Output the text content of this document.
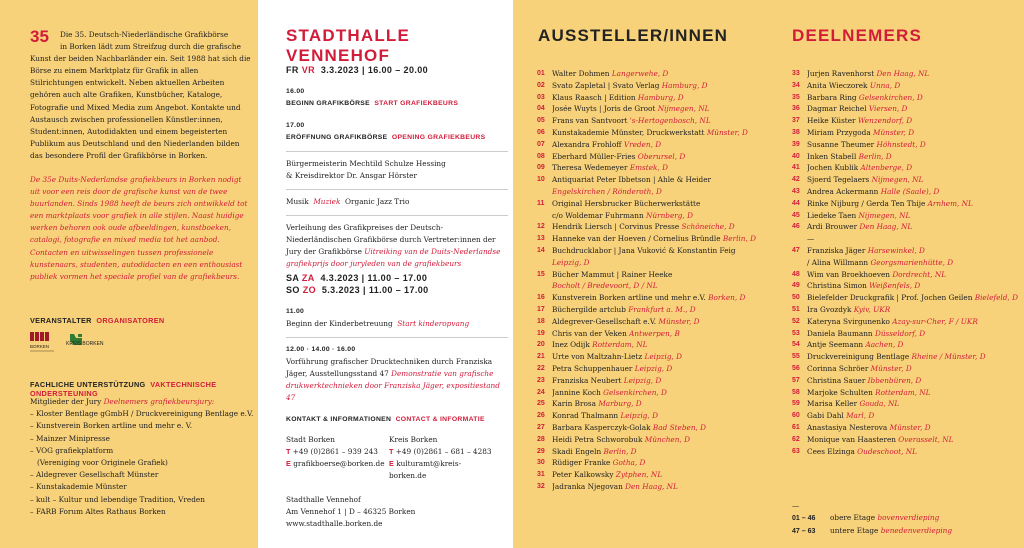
35	Die 35. Deutsch-Niederländische Grafikbörse
in Borken lädt zum Streifzug durch die grafische
Kunst der beiden Nachbarländer ein. Seit 1988 hat sich die Börse zu einem Marktplatz für Grafik in allen Stilrichtungen entwickelt. Neben aktuellen Arbeiten gehören auch alte Grafiken, Kunstbücher, Kataloge, Fotografie und Mixed Media zum Angebot. Kontakte und Austausch zwischen professionellen Künstler:innen, Student:innen, Autodidakten und einem begeisterten Publikum aus Deutschland und den Niederlanden bilden das besondere Profil der Grafikbörse in Borken.
De 35e Duits-Nederlandse grafiekbeurs in Borken nodigt uit voor een reis door de grafische kunst van de twee buurlanden. Sinds 1988 heeft de beurs zich ontwikkeld tot een marktplaats voor grafiek in alle stijlen. Naast huidige werken behoren ook oude afbeeldingen, kunstboeken, catalogi, fotografie en mixed media tot het aanbod. Contacten en uitwisselingen tussen professionele kunstenaars, studenten, autodidacten en een enthousiast publiek vormen het speciale profiel van de grafiekbeurs.
VERANSTALTER ORGANISATOREN
BORKEN	KREIS BORKEN
FACHLICHE UNTERSTÜTZUNG VAKTECHNISCHE ONDERSTEUNING
Mitglieder der Jury Deelnemers grafiekbeursjury:
– Kloster Bentlage gGmbH / Druckvereinigung Bentlage e.V.
– Kunstverein Borken artline und mehr e. V.
– Mainzer Minipresse
– VOG grafiekplatform
(Vereniging voor Originele Grafiek)
– Aldegrever Gesellschaft Münster
– Kunstakademie Münster
– kult – Kultur und lebendige Tradition, Vreden
– FARB Forum Altes Rathaus Borken
STADTHALLE VENNEHOF
FR VR 3.3.2023 | 16.00 – 20.00
16.00
BEGINN GRAFIKBÖRSE START GRAFIEKBEURS
17.00
ERÖFFNUNG GRAFIKBÖRSE OPENING GRAFIEKBEURS
Bürgermeisterin Mechtild Schulze Hessing
& Kreisdirektor Dr. Ansgar Hörster
Musik Muziek Organic Jazz Trio
Verleihung des Grafikpreises der Deutsch-Niederländischen Grafikbörse durch Vertreter:innen der Jury der Grafikbörse Uitreiking van de Duits-Nederlandse grafiekprijs door juryleden van de grafiekbeurs
SA ZA 4.3.2023 | 11.00 – 17.00
SO ZO 5.3.2023 | 11.00 – 17.00
11.00
Beginn der Kinderbetreuung Start kinderopvang
12.00 · 14.00 · 16.00
Vorführung grafischer Drucktechniken durch Franziska Jäger, Ausstellungsstand 47 Demonstratie van grafische drukwerktechnieken door Franziska Jäger, expositiestand 47
KONTAKT & INFORMATIONEN CONTACT & INFORMATIE
Stadt Borken
T +49 (0)2861 – 939 243
E grafikboerse@borken.de
Kreis Borken
T +49 (0)2861 – 681 – 4283
E kulturamt@kreis-borken.de
Stadthalle Vennehof
Am Vennehof 1 | D – 46325 Borken
www.stadthalle.borken.de
AUSSTELLER/INNEN
01 Walter Dohmen Langerwehe, D
02 Svato Zapletal | Svato Verlag Hamburg, D
03 Klaus Raasch | Edition Hamburg, D
04 Josée Wuyts | Joris de Groot Nijmegen, NL
05 Frans van Santvoort 's-Hertogenbosch, NL
06 Kunstakademie Münster, Druckwerkstatt Münster, D
07 Alexandra Frohloff Vreden, D
08 Eberhard Müller-Fries Oberursel, D
09 Theresa Wedemeyer Emstek, D
10 Antiquariat Peter Ibbetson | Ahle & Heider
Engelskirchen / Rönderoth, D
11	Original Hersbrucker Bücherwerkstätte
c/o Woldemar Fuhrmann Nürnberg, D
12 Hendrik Liersch | Corvinus Presse Schöneiche, D
13 Hanneke van der Hoeven / Cornelius Bründle Berlin, D
14 Buchdrucklabor | Jana Vuković & Konstantin Feig
Leipzig, D
15 Bücher Mammut | Rainer Heeke
Bocholt / Bredevoort, D / NL
16 Kunstverein Borken artline und mehr e.V. Borken, D
17 Büchergilde artclub Frankfurt a. M., D
18 Aldegrever-Gesellschaft e.V. Münster, D
19 Chris van der Veken Antwerpen, B
20 Inez Odijk Rotterdam, NL
21 Urte von Maltzahn-Lietz Leipzig, D
22 Petra Schuppenhauer Leipzig, D
23 Franziska Neubert Leipzig, D
24 Jannine Koch Gelsenkirchen, D
25 Karin Brosa Marburg, D
26 Konrad Thalmann Leipzig, D
27 Barbara Kasperczyk-Golak Bad Steben, D
28 Heidi Petra Schworobuk München, D
29 Skadi Engeln Berlin, D
30 Rüdiger Franke Gotha, D
31 Peter Kalkowsky Zytphen, NL
32 Jadranka Njegovan Den Haag, NL
DEELNEMERS
33 Jurjen Ravenhorst Den Haag, NL
34 Anita Wieczorek Unna, D
35 Barbara Ring Gelsenkirchen, D
36 Dagmar Reichel Viersen, D
37 Heike Küster Wenzendorf, D
38 Miriam Przygoda Münster, D
39 Susanne Theumer Höhnstedt, D
40 Inken Stabell Berlin, D
41 Jochen Kublik Altenberge, D
42 Sjoerd Tegelaers Nijmegen, NL
43 Andrea Ackermann Halle (Saale), D
44 Rinke Nijburg / Gerda Ten Thije Arnhem, NL
45 Liedeke Taen Nijmegen, NL
46 Ardi Brouwer Den Haag, NL
—
47 Franziska Jäger Harsewinkel, D
/ Alina Willmann Georgsmarienhütte, D
48 Wim van Broekhoeven Dordrecht, NL
49 Christina Simon Weißenfels, D
50 Bielefelder Druckgrafik | Prof. Jochen Geilen Bielefeld, D
51 Ira Gvozdyk Kyiv, UKR
52 Kateryna Svirgunenko Azay-sur-Cher, F / UKR
53 Daniela Baumann Düsseldorf, D
54 Antje Seemann Aachen, D
55 Druckvereinigung Bentlage Rheine / Münster, D
56 Corinna Schröer Münster, D
57 Christina Sauer Ibbenbüren, D
58 Marjoke Schulten Rotterdam, NL
59 Marisa Keller Gouda, NL
60 Gabi Dahl Marl, D
61 Anastasiya Nesterova Münster, D
62 Monique van Haasteren Overasselt, NL
63 Cees Elzinga Oudeschoot, NL
—
01 – 46 obere Etage bovenverdieping
47 – 63 untere Etage benedenverdieping
